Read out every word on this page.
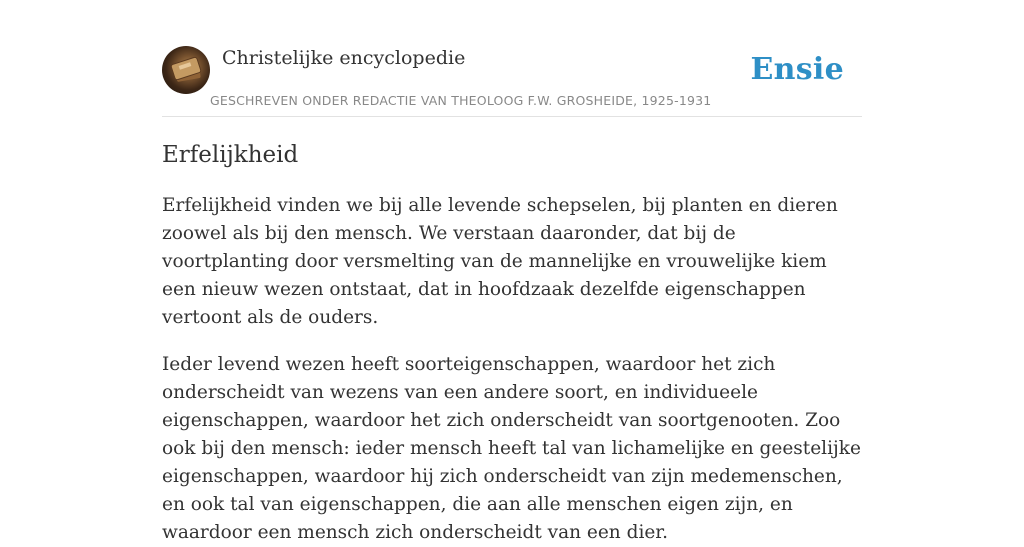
Christelijke encyclopedie
GESCHREVEN ONDER REDACTIE VAN THEOLOOG F.W. GROSHEIDE, 1925-1931
Ensie
Erfelijkheid

Erfelijkheid vinden we bij alle levende schepselen, bij planten en dieren zoowel als bij den mensch. We verstaan daaronder, dat bij de voortplanting door versmelting van de mannelijke en vrouwelijke kiem een nieuw wezen ontstaat, dat in hoofdzaak dezelfde eigenschappen vertoont als de ouders.

Ieder levend wezen heeft soorteigenschappen, waardoor het zich onderscheidt van wezens van een andere soort, en individueele eigenschappen, waardoor het zich onderscheidt van soortgenooten. Zoo ook bij den mensch: ieder mensch heeft tal van lichamelijke en geestelijke eigenschappen, waardoor hij zich onderscheidt van zijn medemenschen, en ook tal van eigenschappen, die aan alle menschen eigen zijn, en waardoor een mensch zich onderscheidt van een dier.
